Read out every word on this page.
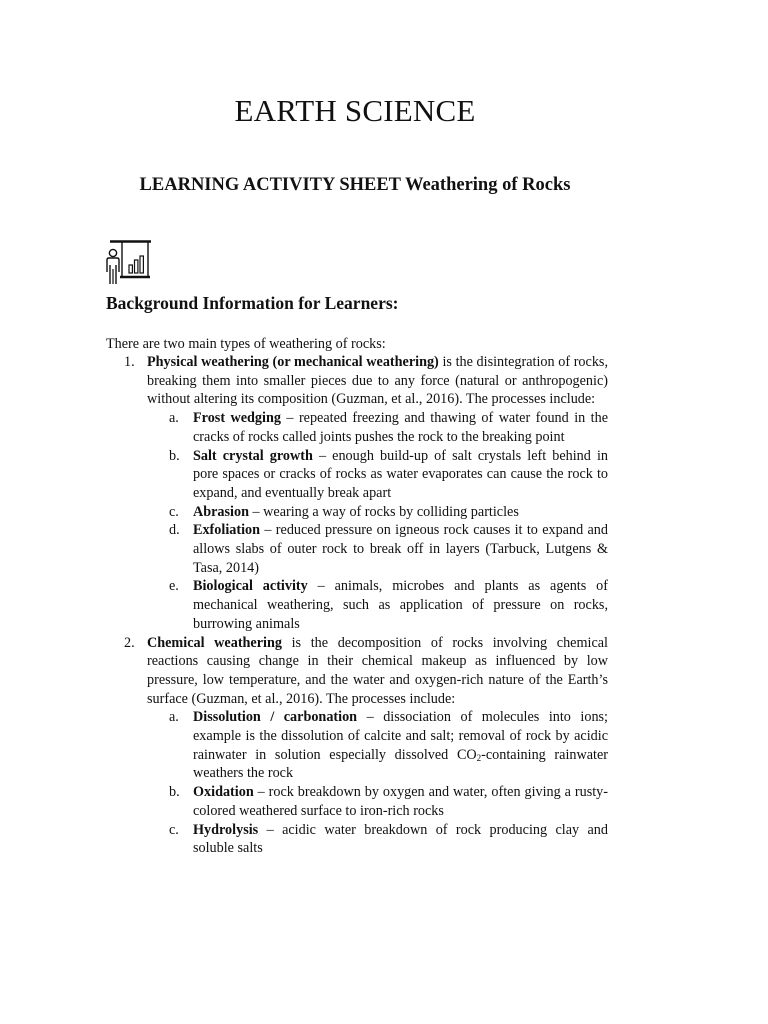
EARTH SCIENCE
LEARNING ACTIVITY SHEET Weathering of Rocks
Background Information for Learners:

There are two main types of weathering of rocks:

1. Physical weathering (or mechanical weathering) is the disintegration of rocks, breaking them into smaller pieces due to any force (natural or anthropogenic) without altering its composition (Guzman, et al., 2016). The processes include:
a. Frost wedging – repeated freezing and thawing of water found in the cracks of rocks called joints pushes the rock to the breaking point
b. Salt crystal growth – enough build-up of salt crystals left behind in pore spaces or cracks of rocks as water evaporates can cause the rock to expand, and eventually break apart
c. Abrasion – wearing a way of rocks by colliding particles
d. Exfoliation – reduced pressure on igneous rock causes it to expand and allows slabs of outer rock to break off in layers (Tarbuck, Lutgens & Tasa, 2014)
e. Biological activity – animals, microbes and plants as agents of mechanical weathering, such as application of pressure on rocks, burrowing animals
2. Chemical weathering is the decomposition of rocks involving chemical reactions causing change in their chemical makeup as influenced by low pressure, low temperature, and the water and oxygen-rich nature of the Earth’s surface (Guzman, et al., 2016). The processes include:
a. Dissolution / carbonation – dissociation of molecules into ions; example is the dissolution of calcite and salt; removal of rock by acidic rainwater in solution especially dissolved $CO_2$-containing rainwater weathers the rock
b. Oxidation – rock breakdown by oxygen and water, often giving a rusty-colored weathered surface to iron-rich rocks
c. Hydrolysis – acidic water breakdown of rock producing clay and soluble salts
